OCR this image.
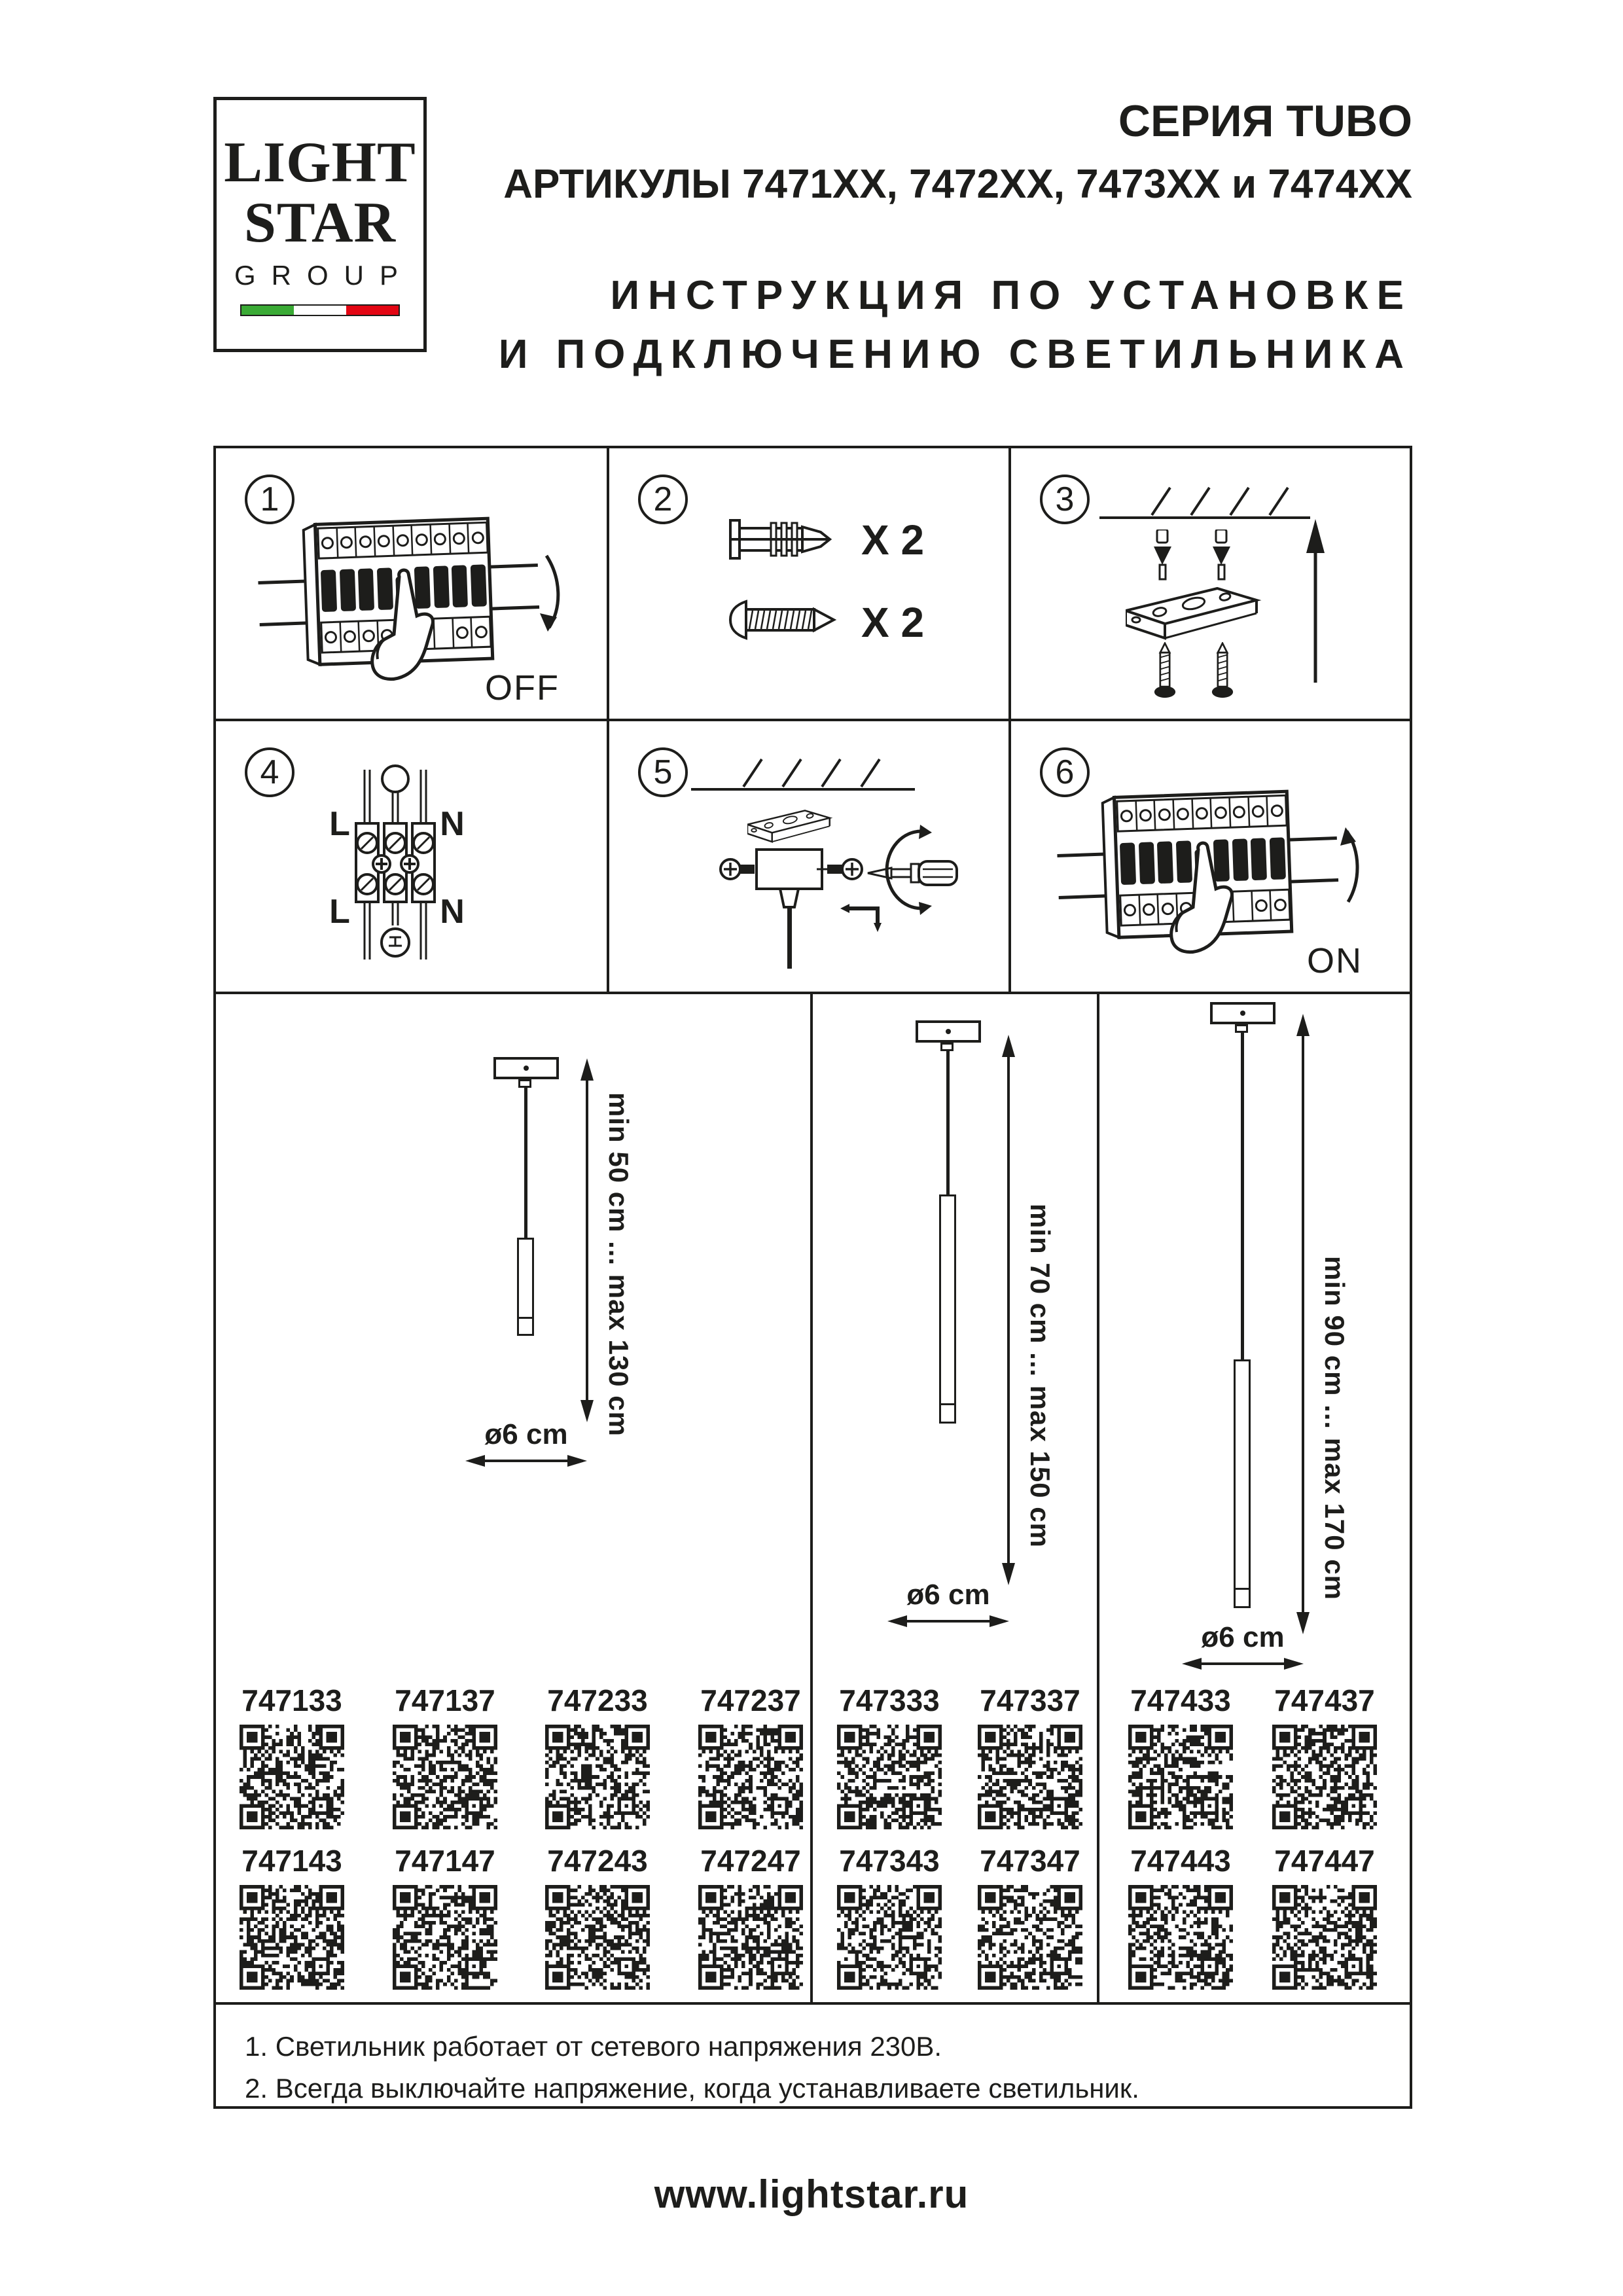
LIGHT
STAR
GROUP
СЕРИЯ TUBO
АРТИКУЛЫ 7471XX, 7472XX, 7473XX и 7474XX
ИНСТРУКЦИЯ ПО УСТАНОВКЕ
И ПОДКЛЮЧЕНИЮ СВЕТИЛЬНИКА
1
OFF
2
X 2
X 2
3
4
L	N
L	N
5	6
ON
min 50 cm ... max 130 cm
ø6 cm
747133	747137	747233	747237
747143	747147	747243	747247
min 70 cm ... max 150 cm
ø6 cm
747333	747337
747343	747347
min 90 cm ... max 170 cm
ø6 cm
747433	747437
747443	747447
1. Светильник работает от сетевого напряжения 230В.
2. Всегда выключайте напряжение, когда устанавливаете светильник.
www.lightstar.ru
